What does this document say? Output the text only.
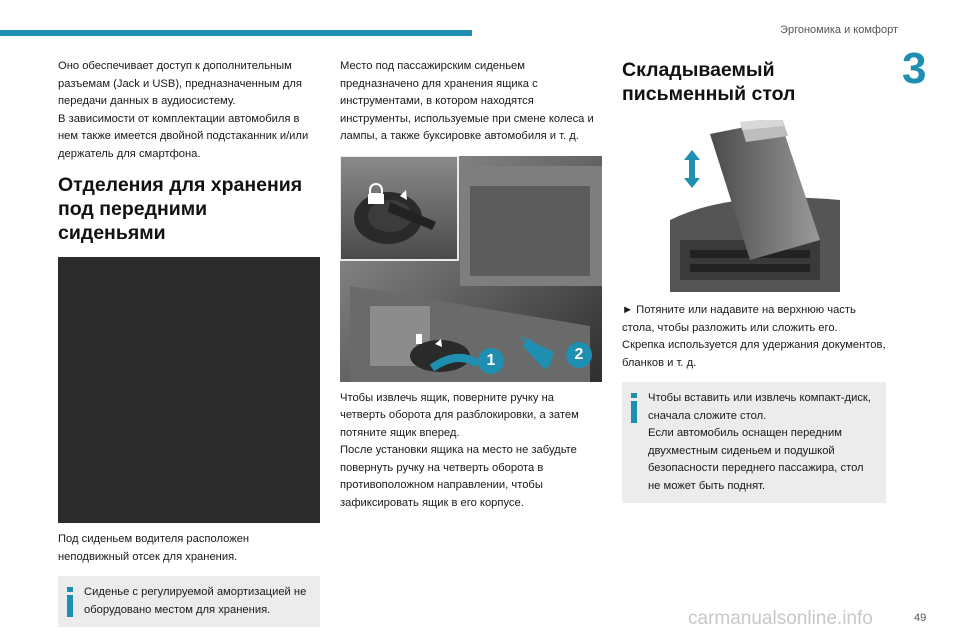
Эргономика и комфорт
3

Оно обеспечивает доступ к дополнительным разъемам (Jack и USB), предназначенным для передачи данных в аудиосистему.

В зависимости от комплектации автомобиля в нем также имеется двойной подстаканник и/или держатель для смартфона.

Отделения для хранения под передними сиденьями

Под сиденьем водителя расположен неподвижный отсек для хранения.

Сиденье с регулируемой амортизацией не оборудовано местом для хранения.

Место под пассажирским сиденьем предназначено для хранения ящика с инструментами, в котором находятся инструменты, используемые при смене колеса и лампы, а также буксировке автомобиля и т. д.

1	2

Чтобы извлечь ящик, поверните ручку на четверть оборота для разблокировки, а затем потяните ящик вперед.

После установки ящика на место не забудьте повернуть ручку на четверть оборота в противоположном направлении, чтобы зафиксировать ящик в его корпусе.

Складываемый письменный стол

► Потяните или надавите на верхнюю часть стола, чтобы разложить или сложить его.

Скрепка используется для удержания документов, бланков и т. д.

Чтобы вставить или извлечь компакт-диск, сначала сложите стол.

Если автомобиль оснащен передним двухместным сиденьем и подушкой безопасности переднего пассажира, стол не может быть поднят.

carmanualsonline.info	49
